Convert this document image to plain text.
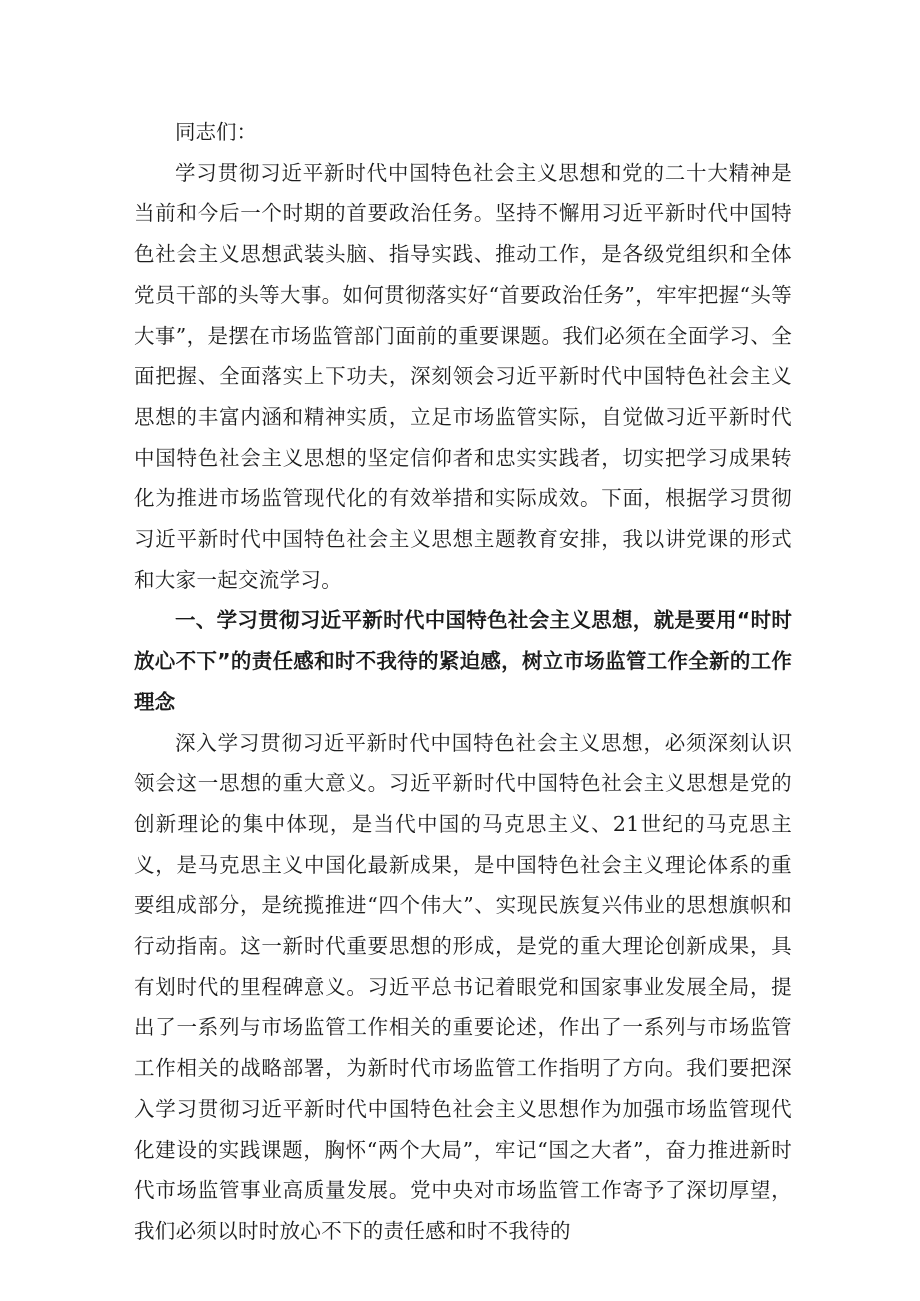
同志们：

学习贯彻习近平新时代中国特色社会主义思想和党的二十大精神是当前和今后一个时期的首要政治任务。坚持不懈用习近平新时代中国特色社会主义思想武装头脑、指导实践、推动工作，是各级党组织和全体党员干部的头等大事。如何贯彻落实好“首要政治任务”，牢牢把握“头等大事”，是摆在市场监管部门面前的重要课题。我们必须在全面学习、全面把握、全面落实上下功夫，深刻领会习近平新时代中国特色社会主义思想的丰富内涵和精神实质，立足市场监管实际，自觉做习近平新时代中国特色社会主义思想的坚定信仰者和忠实实践者，切实把学习成果转化为推进市场监管现代化的有效举措和实际成效。下面，根据学习贯彻习近平新时代中国特色社会主义思想主题教育安排，我以讲党课的形式和大家一起交流学习。

一、学习贯彻习近平新时代中国特色社会主义思想，就是要用“时时放心不下”的责任感和时不我待的紧迫感，树立市场监管工作全新的工作理念

深入学习贯彻习近平新时代中国特色社会主义思想，必须深刻认识领会这一思想的重大意义。习近平新时代中国特色社会主义思想是党的创新理论的集中体现，是当代中国的马克思主义、21世纪的马克思主义，是马克思主义中国化最新成果，是中国特色社会主义理论体系的重要组成部分，是统揽推进“四个伟大”、实现民族复兴伟业的思想旗帜和行动指南。这一新时代重要思想的形成，是党的重大理论创新成果，具有划时代的里程碑意义。习近平总书记着眼党和国家事业发展全局，提出了一系列与市场监管工作相关的重要论述，作出了一系列与市场监管工作相关的战略部署，为新时代市场监管工作指明了方向。我们要把深入学习贯彻习近平新时代中国特色社会主义思想作为加强市场监管现代化建设的实践课题，胸怀“两个大局”，牢记“国之大者”，奋力推进新时代市场监管事业高质量发展。党中央对市场监管工作寄予了深切厚望，我们必须以时时放心不下的责任感和时不我待的
